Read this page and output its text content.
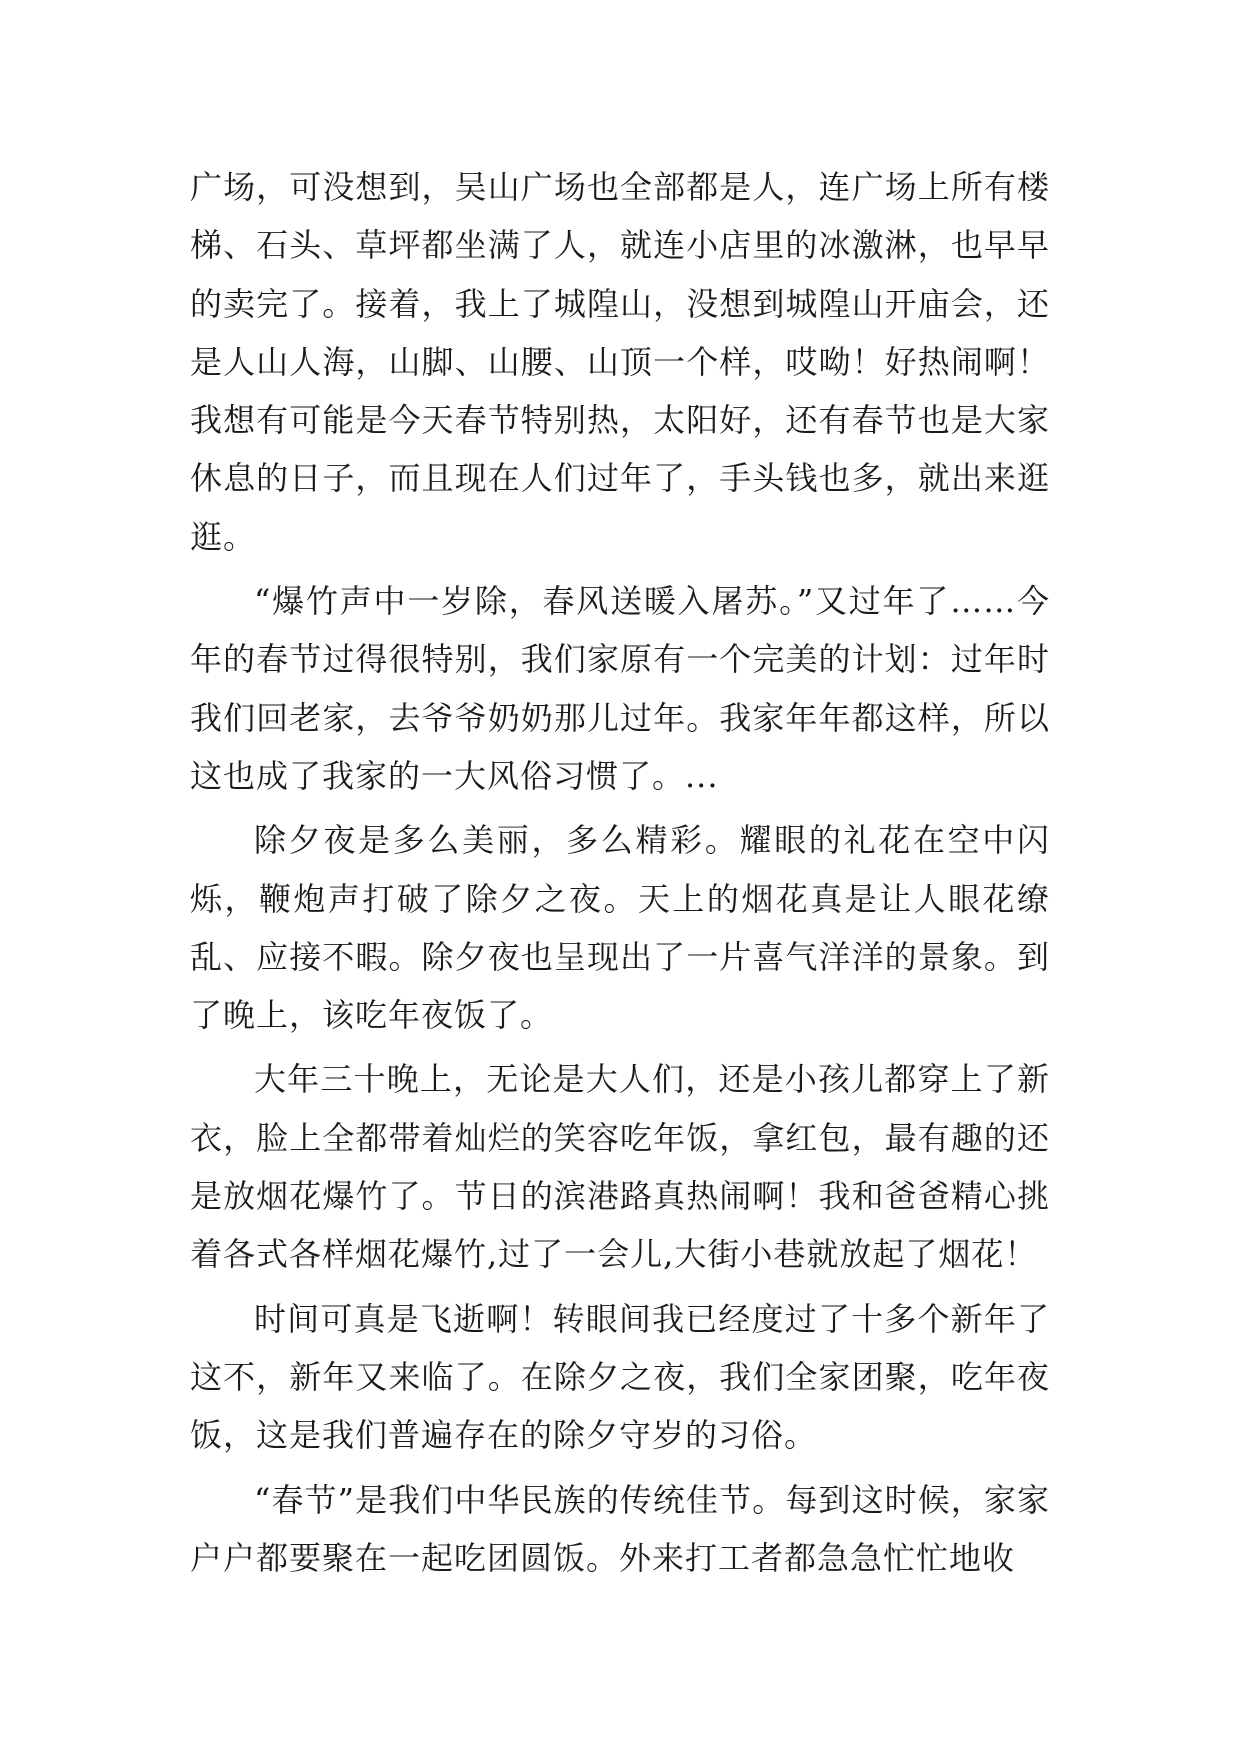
广场，可没想到，吴山广场也全部都是人，连广场上所有楼梯、石头、草坪都坐满了人，就连小店里的冰激淋，也早早的卖完了。接着，我上了城隍山，没想到城隍山开庙会，还是人山人海，山脚、山腰、山顶一个样，哎呦！好热闹啊！我想有可能是今天春节特别热，太阳好，还有春节也是大家休息的日子，而且现在人们过年了，手头钱也多，就出来逛逛。

“爆竹声中一岁除，春风送暖入屠苏。”又过年了……今年的春节过得很特别，我们家原有一个完美的计划：过年时我们回老家，去爷爷奶奶那儿过年。我家年年都这样，所以这也成了我家的一大风俗习惯了。...

除夕夜是多么美丽，多么精彩。耀眼的礼花在空中闪烁，鞭炮声打破了除夕之夜。天上的烟花真是让人眼花缭乱、应接不暇。除夕夜也呈现出了一片喜气洋洋的景象。到了晚上，该吃年夜饭了。

大年三十晚上，无论是大人们，还是小孩儿都穿上了新衣，脸上全都带着灿烂的笑容吃年饭，拿红包，最有趣的还是放烟花爆竹了。节日的滨港路真热闹啊！我和爸爸精心挑着各式各样烟花爆竹,过了一会儿,大街小巷就放起了烟花！

时间可真是飞逝啊！转眼间我已经度过了十多个新年了这不，新年又来临了。在除夕之夜，我们全家团聚，吃年夜饭，这是我们普遍存在的除夕守岁的习俗。

“春节”是我们中华民族的传统佳节。每到这时候，家家户户都要聚在一起吃团圆饭。外来打工者都急急忙忙地收
